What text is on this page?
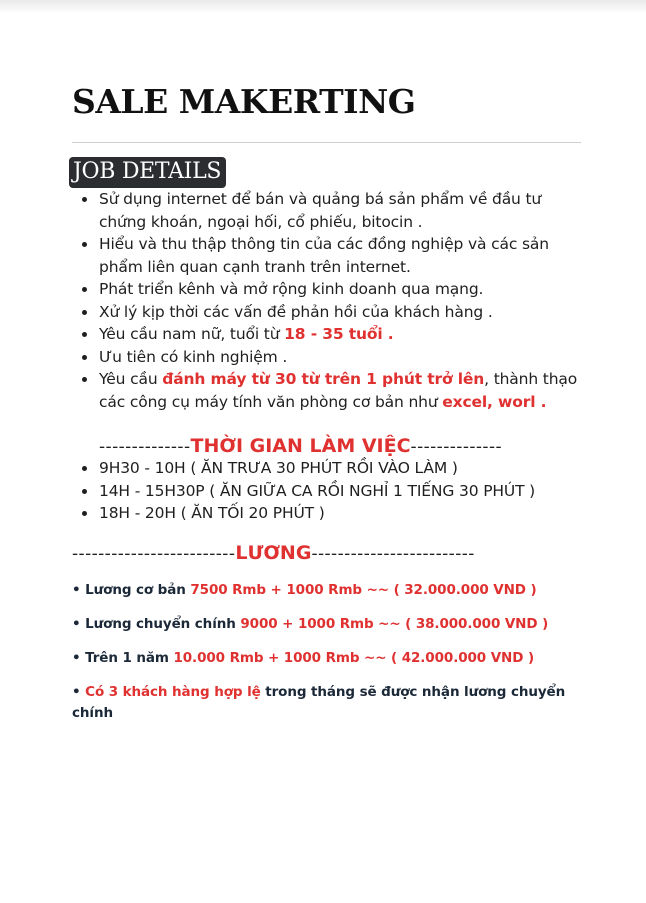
SALE MAKERTING
JOB DETAILS
Sử dụng internet để bán và quảng bá sản phẩm về đầu tư chứng khoán, ngoại hối, cổ phiếu, bitocin .
Hiểu và thu thập thông tin của các đồng nghiệp và các sản phẩm liên quan cạnh tranh trên internet.
Phát triển kênh và mở rộng kinh doanh qua mạng.
Xử lý kịp thời các vấn đề phản hồi của khách hàng .
Yêu cầu nam nữ, tuổi từ 18 - 35 tuổi .
Ưu tiên có kinh nghiệm .
Yêu cầu đánh máy từ 30 từ trên 1 phút trở lên, thành thạo các công cụ máy tính văn phòng cơ bản như excel, worl .
--------------THỜI GIAN LÀM VIỆC--------------
9H30 - 10H ( ĂN TRƯA 30 PHÚT RỒI VÀO LÀM )
14H - 15H30P ( ĂN GIỮA CA RỒI NGHỈ 1 TIẾNG 30 PHÚT )
18H - 20H ( ĂN TỐI 20 PHÚT )
-------------------------LƯƠNG-------------------------
• Lương cơ bản 7500 Rmb + 1000 Rmb ~~ ( 32.000.000 VND )
• Lương chuyển chính 9000 + 1000 Rmb ~~ ( 38.000.000 VND )
• Trên 1 năm 10.000 Rmb + 1000 Rmb ~~ ( 42.000.000 VND )
• Có 3 khách hàng hợp lệ trong tháng sẽ được nhận lương chuyển chính
